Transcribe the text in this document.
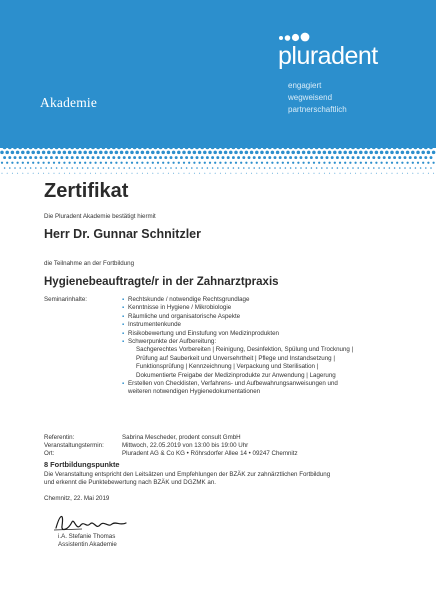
Akademie
pluradent
engagiert
wegweisend
partnerschaftlich
Zertifikat
Die Pluradent Akademie bestätigt hiermit
Herr Dr. Gunnar Schnitzler
die Teilnahme an der Fortbildung
Hygienebeauftragte/r in der Zahnarztpraxis
Seminarinhalte:
▪	Rechtskunde / notwendige Rechtsgrundlage
▪ Kenntnisse in Hygiene / Mikrobiologie
▪ Räumliche und organisatorische Aspekte
▪ Instrumentenkunde
▪ Risikobewertung und Einstufung von Medizinprodukten
▪ Schwerpunkte der Aufbereitung:
Sachgerechtes Vorbereiten | Reinigung, Desinfektion, Spülung und Trocknung |
Prüfung auf Sauberkeit und Unversehrtheit | Pflege und Instandsetzung |
Funktionsprüfung | Kennzeichnung | Verpackung und Sterilisation |
Dokumentierte Freigabe der Medizinprodukte zur Anwendung | Lagerung
▪ Erstellen von Checklisten, Verfahrens- und Aufbewahrungsanweisungen und
weiteren notwendigen Hygienedokumentationen
Referentin:	Sabrina Mescheder, prodent consult GmbH
Veranstaltungstermin:	Mittwoch, 22.05.2019 von 13:00 bis 19:00 Uhr
Ort:	Pluradent AG & Co KG • Röhrsdorfer Allee 14 • 09247 Chemnitz
8 Fortbildungspunkte
Die Veranstaltung entspricht den Leitsätzen und Empfehlungen der BZÄK zur zahnärztlichen Fortbildung
und erkennt die Punktebewertung nach BZÄK und DGZMK an.
Chemnitz, 22. Mai 2019
i.A. Stefanie Thomas
Assistentin Akademie
